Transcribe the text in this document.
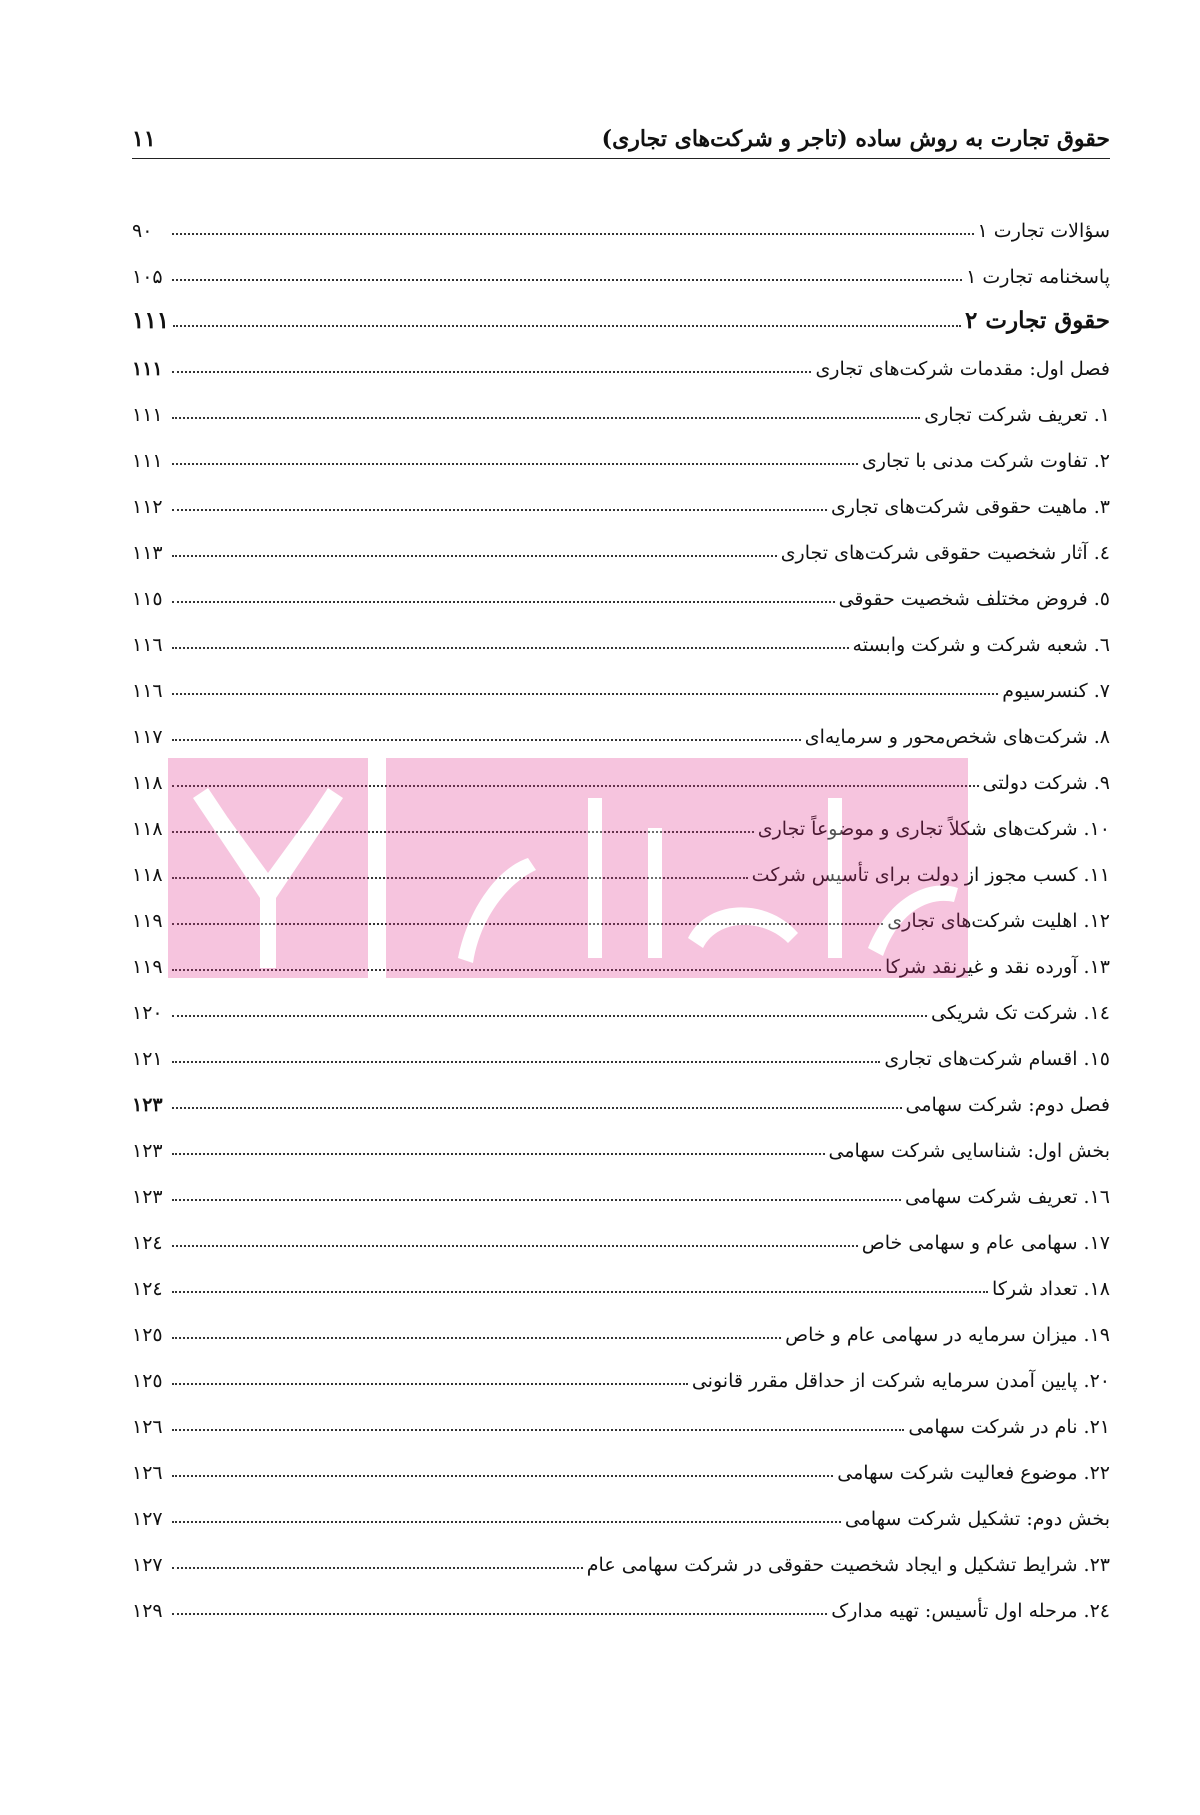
حقوق تجارت به روش ساده (تاجر و شرکت‌های تجاری)
۱۱
سؤالات تجارت ۱
۹۰
پاسخنامه تجارت ۱
۱۰۵
حقوق تجارت ۲
۱۱۱
فصل اول: مقدمات شرکت‌های تجاری
۱۱۱
۱. تعریف شرکت تجاری
۱۱۱
۲. تفاوت شرکت مدنی با تجاری
۱۱۱
۳. ماهیت حقوقی شرکت‌های تجاری
۱۱۲
٤. آثار شخصیت حقوقی شرکت‌های تجاری
۱۱۳
٥. فروض مختلف شخصیت حقوقی
۱۱٥
٦. شعبه شرکت و شرکت وابسته
۱۱٦
۷. کنسرسیوم
۱۱٦
۸. شرکت‌های شخص‌محور و سرمایه‌ای
۱۱۷
۹. شرکت دولتی
۱۱۸
۱۰. شرکت‌های شکلاً تجاری و موضوعاً تجاری
۱۱۸
۱۱. کسب مجوز از دولت برای تأسیس شرکت
۱۱۸
۱۲. اهلیت شرکت‌های تجاری
۱۱۹
۱۳. آورده نقد و غیرنقد شرکا
۱۱۹
١٤. شرکت تک شریکی
۱۲۰
۱٥. اقسام شرکت‌های تجاری
۱۲۱
فصل دوم: شرکت سهامی
۱۲۳
بخش اول: شناسایی شرکت سهامی
۱۲۳
۱٦. تعریف شرکت سهامی
۱۲۳
۱۷. سهامی عام و سهامی خاص
۱۲٤
۱۸. تعداد شرکا
۱۲٤
۱۹. میزان سرمایه در سهامی عام و خاص
۱۲٥
۲۰. پایین آمدن سرمایه شرکت از حداقل مقرر قانونی
۱۲٥
۲۱. نام در شرکت سهامی
۱۲٦
۲۲. موضوع فعالیت شرکت سهامی
۱۲٦
بخش دوم: تشکیل شرکت سهامی
۱۲۷
۲۳. شرایط تشکیل و ایجاد شخصیت حقوقی در شرکت سهامی عام
۱۲۷
۲٤. مرحله اول تأسیس: تهیه مدارک
۱۲۹
